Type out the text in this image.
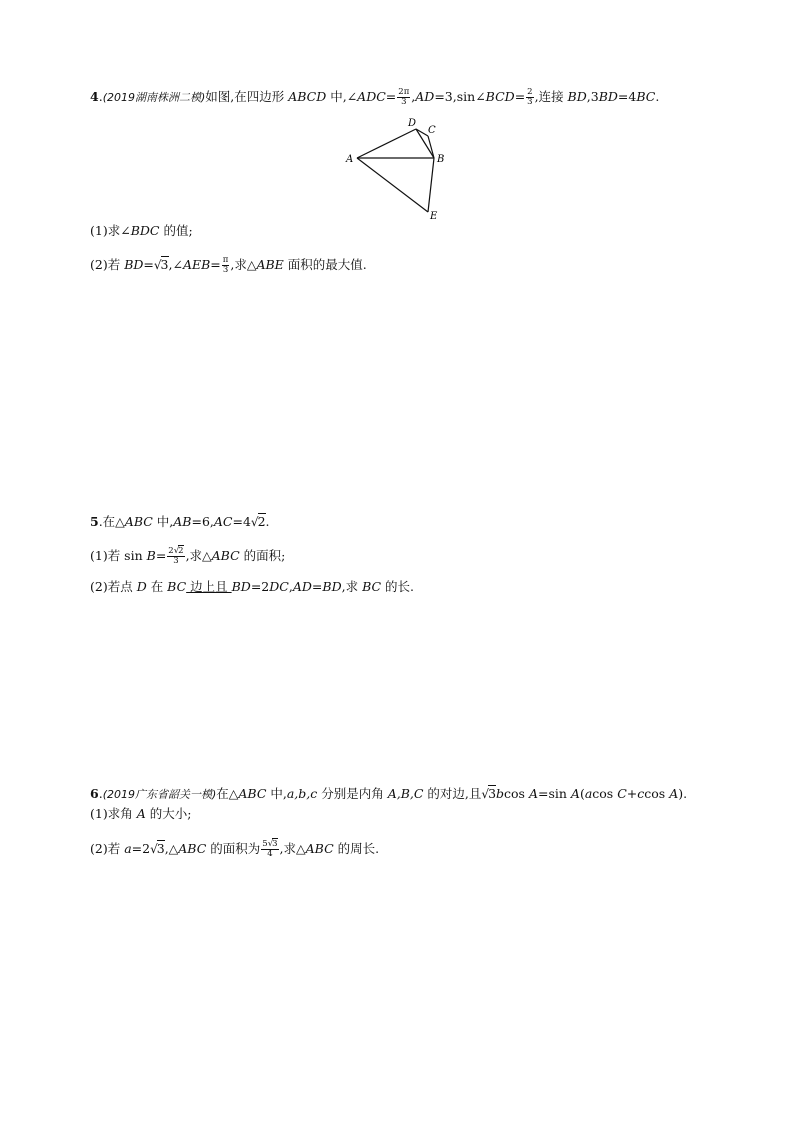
4.(2019湖南株洲二模)如图,在四边形 ABCD 中,∠ADC= $\frac{2\pi}{3}$ ,AD=3,sin∠BCD= $\frac{2}{3}$ ,连接 BD,3BD=4BC.
A
D
C
B
E
(1)求∠BDC 的值;
(2)若 BD=√3,∠AEB= $\frac{\pi}{3}$ ,求△ABE 面积的最大值.
5.在△ABC 中,AB=6,AC=4√2.
(1)若 $\sin B= \frac{2√2}{3}$ ,求△ABC 的面积;
(2)若点 D 在 BC 边上且 BD=2DC,AD=BD,求 BC 的长.
6.(2019广东省韶关一模)在△ABC 中,a,b,c 分别是内角 A,B,C 的对边,且√3bcos A=sin A(acos C+ccos A).
(1)求角 A 的大小;
(2)若 a=2√3,△ABC 的面积为 $\frac{5√3}{4}$ ,求△ABC 的周长.
